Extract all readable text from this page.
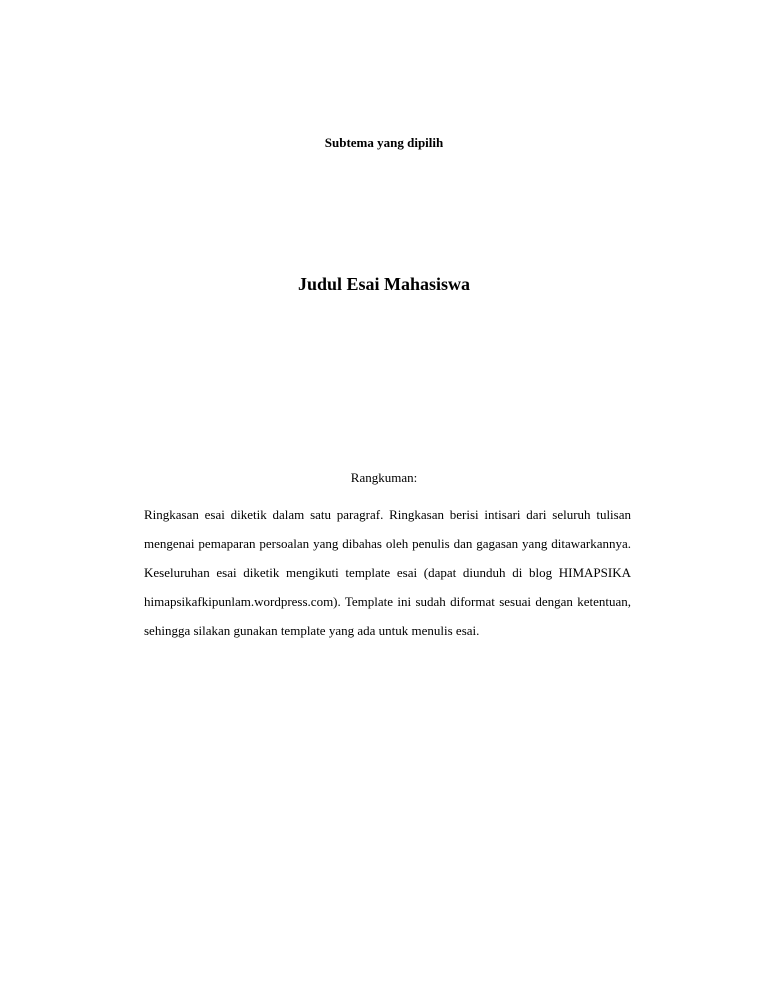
Subtema yang dipilih
Judul Esai Mahasiswa
Rangkuman:

Ringkasan esai diketik dalam satu paragraf. Ringkasan berisi intisari dari seluruh tulisan mengenai pemaparan persoalan yang dibahas oleh penulis dan gagasan yang ditawarkannya. Keseluruhan esai diketik mengikuti template esai (dapat diunduh di blog HIMAPSIKA himapsikafkipunlam.wordpress.com). Template ini sudah diformat sesuai dengan ketentuan, sehingga silakan gunakan template yang ada untuk menulis esai.
